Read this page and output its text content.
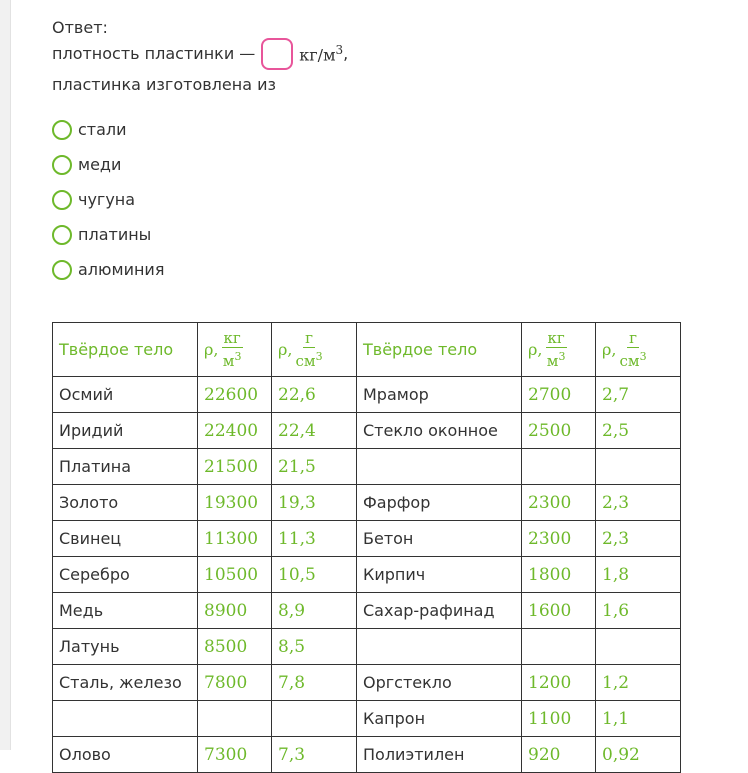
Ответ:
плотность пластинки —	$кг/м^3$ ,
пластинка изготовлена из
стали
меди
чугуна
платины
алюминия
Твёрдое тело	ρ, $\frac{кг}{м^3}$	ρ, $\frac{г}{см^3}$	Твёрдое тело	ρ, $\frac{кг}{м^3}$	ρ, $\frac{г}{см^3}$

Осмий	22600	22,6	Мрамор	2700	2,7
Иридий	22400	22,4	Стекло оконное	2500	2,5
Платина	21500	21,5			
Золото	19300	19,3	Фарфор	2300	2,3
Свинец	11300	11,3	Бетон	2300	2,3
Серебро	10500	10,5	Кирпич	1800	1,8
Медь	8900	8,9	Сахар-рафинад	1600	1,6
Латунь	8500	8,5			
Сталь, железо	7800	7,8	Оргстекло	1200	1,2
			Капрон	1100	1,1
Олово	7300	7,3	Полиэтилен	920	0,92
